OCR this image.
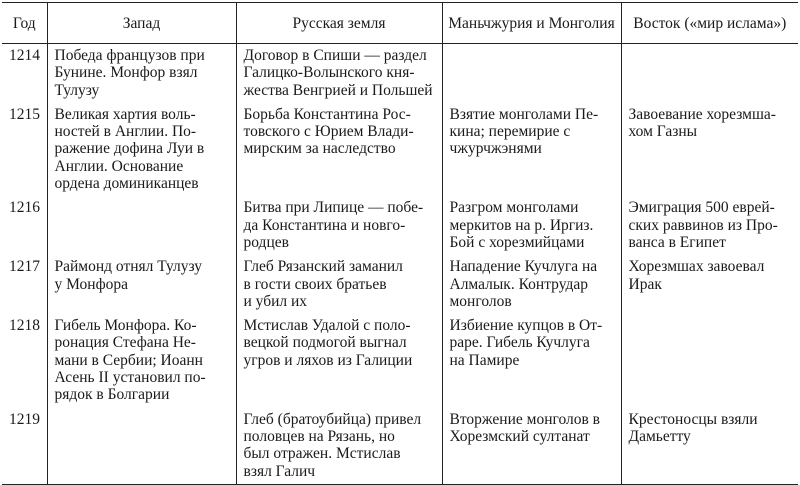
Год	Запад	Русская земля	Маньчжурия и Монголия	Восток («мир ислама»)
1214	Победа французов при
Бунине. Монфор взял
Тулузу	Договор в Спиши — раздел
Галицко-Волынского кня-
жества Венгрией и Польшей		

1215	Великая хартия воль-
ностей в Англии. По-
ражение дофина Луи в
Англии. Основание
ордена доминиканцев	Борьба Константина Рос-
товского с Юрием Влади-
мирским за наследство	Взятие монголами Пе-
кина; перемирие с
чжурчжэнями	Завоевание хорезмша-
хом Газны

1216		Битва при Липице — побе-
да Константина и новго-
родцев	Разгром монголами
меркитов на р. Иргиз.
Бой с хорезмийцами	Эмиграция 500 еврей-
ских раввинов из Про-
ванса в Египет

1217	Раймонд отнял Тулузу
у Монфора	Глеб Рязанский заманил
в гости своих братьев
и убил их	Нападение Кучлуга на
Алмалык. Контрудар
монголов	Хорезмшах завоевал
Ирак

1218	Гибель Монфора. Ко-
ронация Стефана Не-
мани в Сербии; Иоанн
Асень II установил по-
рядок в Болгарии	Мстислав Удалой с поло-
вецкой подмогой выгнал
угров и ляхов из Галиции	Избиение купцов в От-
раре. Гибель Кучлуга
на Памире	

1219		Глеб (братоубийца) привел
половцев на Рязань, но
был отражен. Мстислав
взял Галич	Вторжение монголов в
Хорезмский султанат	Крестоносцы взяли
Дамьетту
